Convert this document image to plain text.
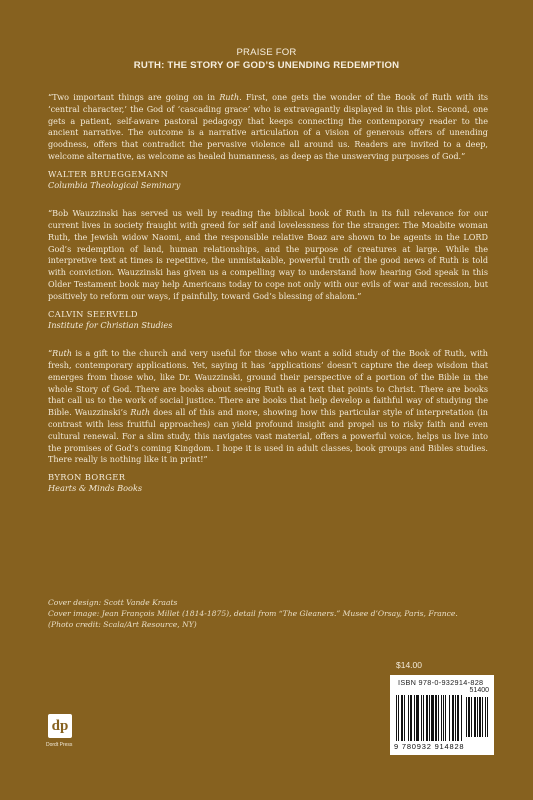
PRAISE FOR
RUTH: THE STORY OF GOD’S UNENDING REDEMPTION

“Two important things are going on in Ruth. First, one gets the wonder of the Book of Ruth with its ‘central character,’ the God of ‘cascading grace’ who is extravagantly displayed in this plot. Second, one gets a patient, self-aware pastoral pedagogy that keeps connecting the contemporary reader to the ancient narrative. The outcome is a narrative articulation of a vision of generous offers of unending goodness, offers that contradict the pervasive violence all around us. Readers are invited to a deep, welcome alternative, as welcome as healed humanness, as deep as the unswerving purposes of God.”

WALTER BRUEGGEMANN
Columbia Theological Seminary

“Bob Wauzzinski has served us well by reading the biblical book of Ruth in its full relevance for our current lives in society fraught with greed for self and lovelessness for the stranger. The Moabite woman Ruth, the Jewish widow Naomi, and the responsible relative Boaz are shown to be agents in the LORD God’s redemption of land, human relationships, and the purpose of creatures at large. While the interpretive text at times is repetitive, the unmistakable, powerful truth of the good news of Ruth is told with conviction. Wauzzinski has given us a compelling way to understand how hearing God speak in this Older Testament book may help Americans today to cope not only with our evils of war and recession, but positively to reform our ways, if painfully, toward God’s blessing of shalom.”

CALVIN SEERVELD
Institute for Christian Studies

“Ruth is a gift to the church and very useful for those who want a solid study of the Book of Ruth, with fresh, contemporary applications. Yet, saying it has ‘applications’ doesn’t capture the deep wisdom that emerges from those who, like Dr. Wauzzinski, ground their perspective of a portion of the Bible in the whole Story of God. There are books about seeing Ruth as a text that points to Christ. There are books that call us to the work of social justice. There are books that help develop a faithful way of studying the Bible. Wauzzinski’s Ruth does all of this and more, showing how this particular style of interpretation (in contrast with less fruitful approaches) can yield profound insight and propel us to risky faith and even cultural renewal. For a slim study, this navigates vast material, offers a powerful voice, helps us live into the promises of God’s coming Kingdom. I hope it is used in adult classes, book groups and Bibles studies. There really is nothing like it in print!”

BYRON BORGER
Hearts & Minds Books
Cover design: Scott Vande Kraats
Cover image: Jean François Millet (1814-1875), detail from “The Gleaners.” Musee d’Orsay, Paris, France.
(Photo credit: Scala/Art Resource, NY)
$14.00
ISBN 978-0-932914-828
51400
9 780932 914828
dp
Dordt Press
